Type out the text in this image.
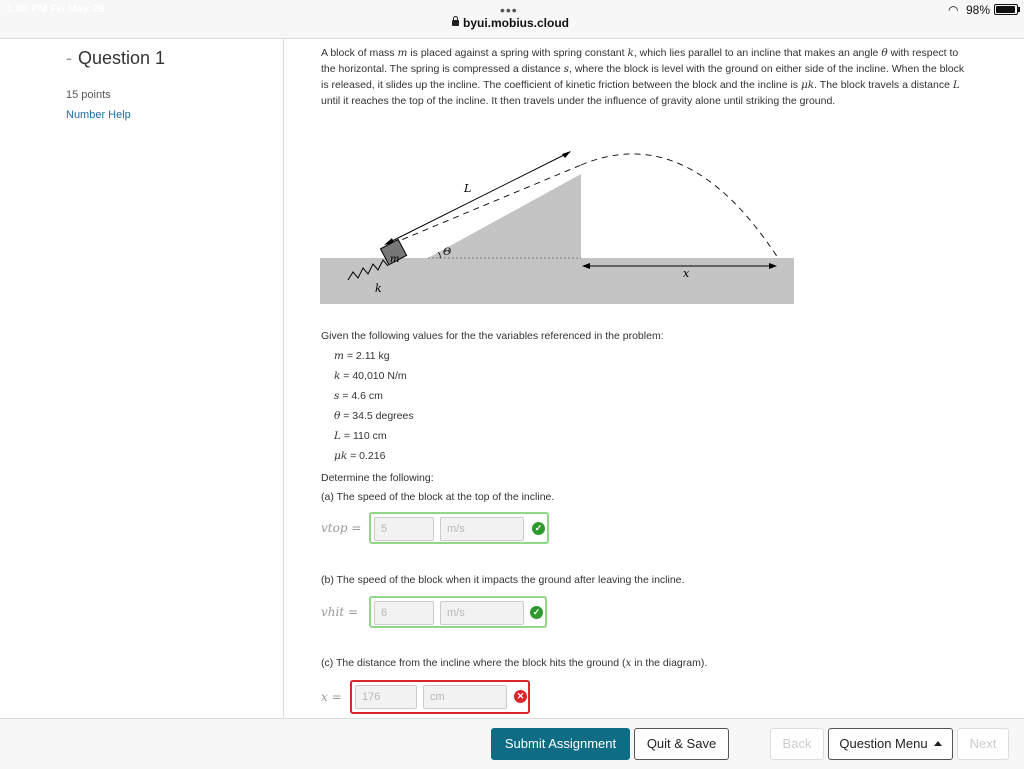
1:09 PM Fri May 29	•••
byui.mobius.cloud
◠ 98%
- Question 1
15 points
Number Help

A block of mass m is placed against a spring with spring constant k, which lies parallel to an incline that makes an angle θ with respect to the horizontal. The spring is compressed a distance s, where the block is level with the ground on either side of the incline. When the block is released, it slides up the incline. The coefficient of kinetic friction between the block and the incline is μk. The block travels a distance L until it reaches the top of the incline. It then travels under the influence of gravity alone until striking the ground.

L
m
Θ
k
x
Given the following values for the the variables referenced in the problem:
m = 2.11 kg
k = 40,010 N/m
s = 4.6 cm
θ = 34.5 degrees
L = 110 cm
μk = 0.216
Determine the following:
(a) The speed of the block at the top of the incline.
vtop =	5	m/s	✓
(b) The speed of the block when it impacts the ground after leaving the incline.
vhit =	6	m/s	✓
(c) The distance from the incline where the block hits the ground (x in the diagram).
x =	176	cm	✕
Submit Assignment	Quit & Save	Back	Question Menu	Next
